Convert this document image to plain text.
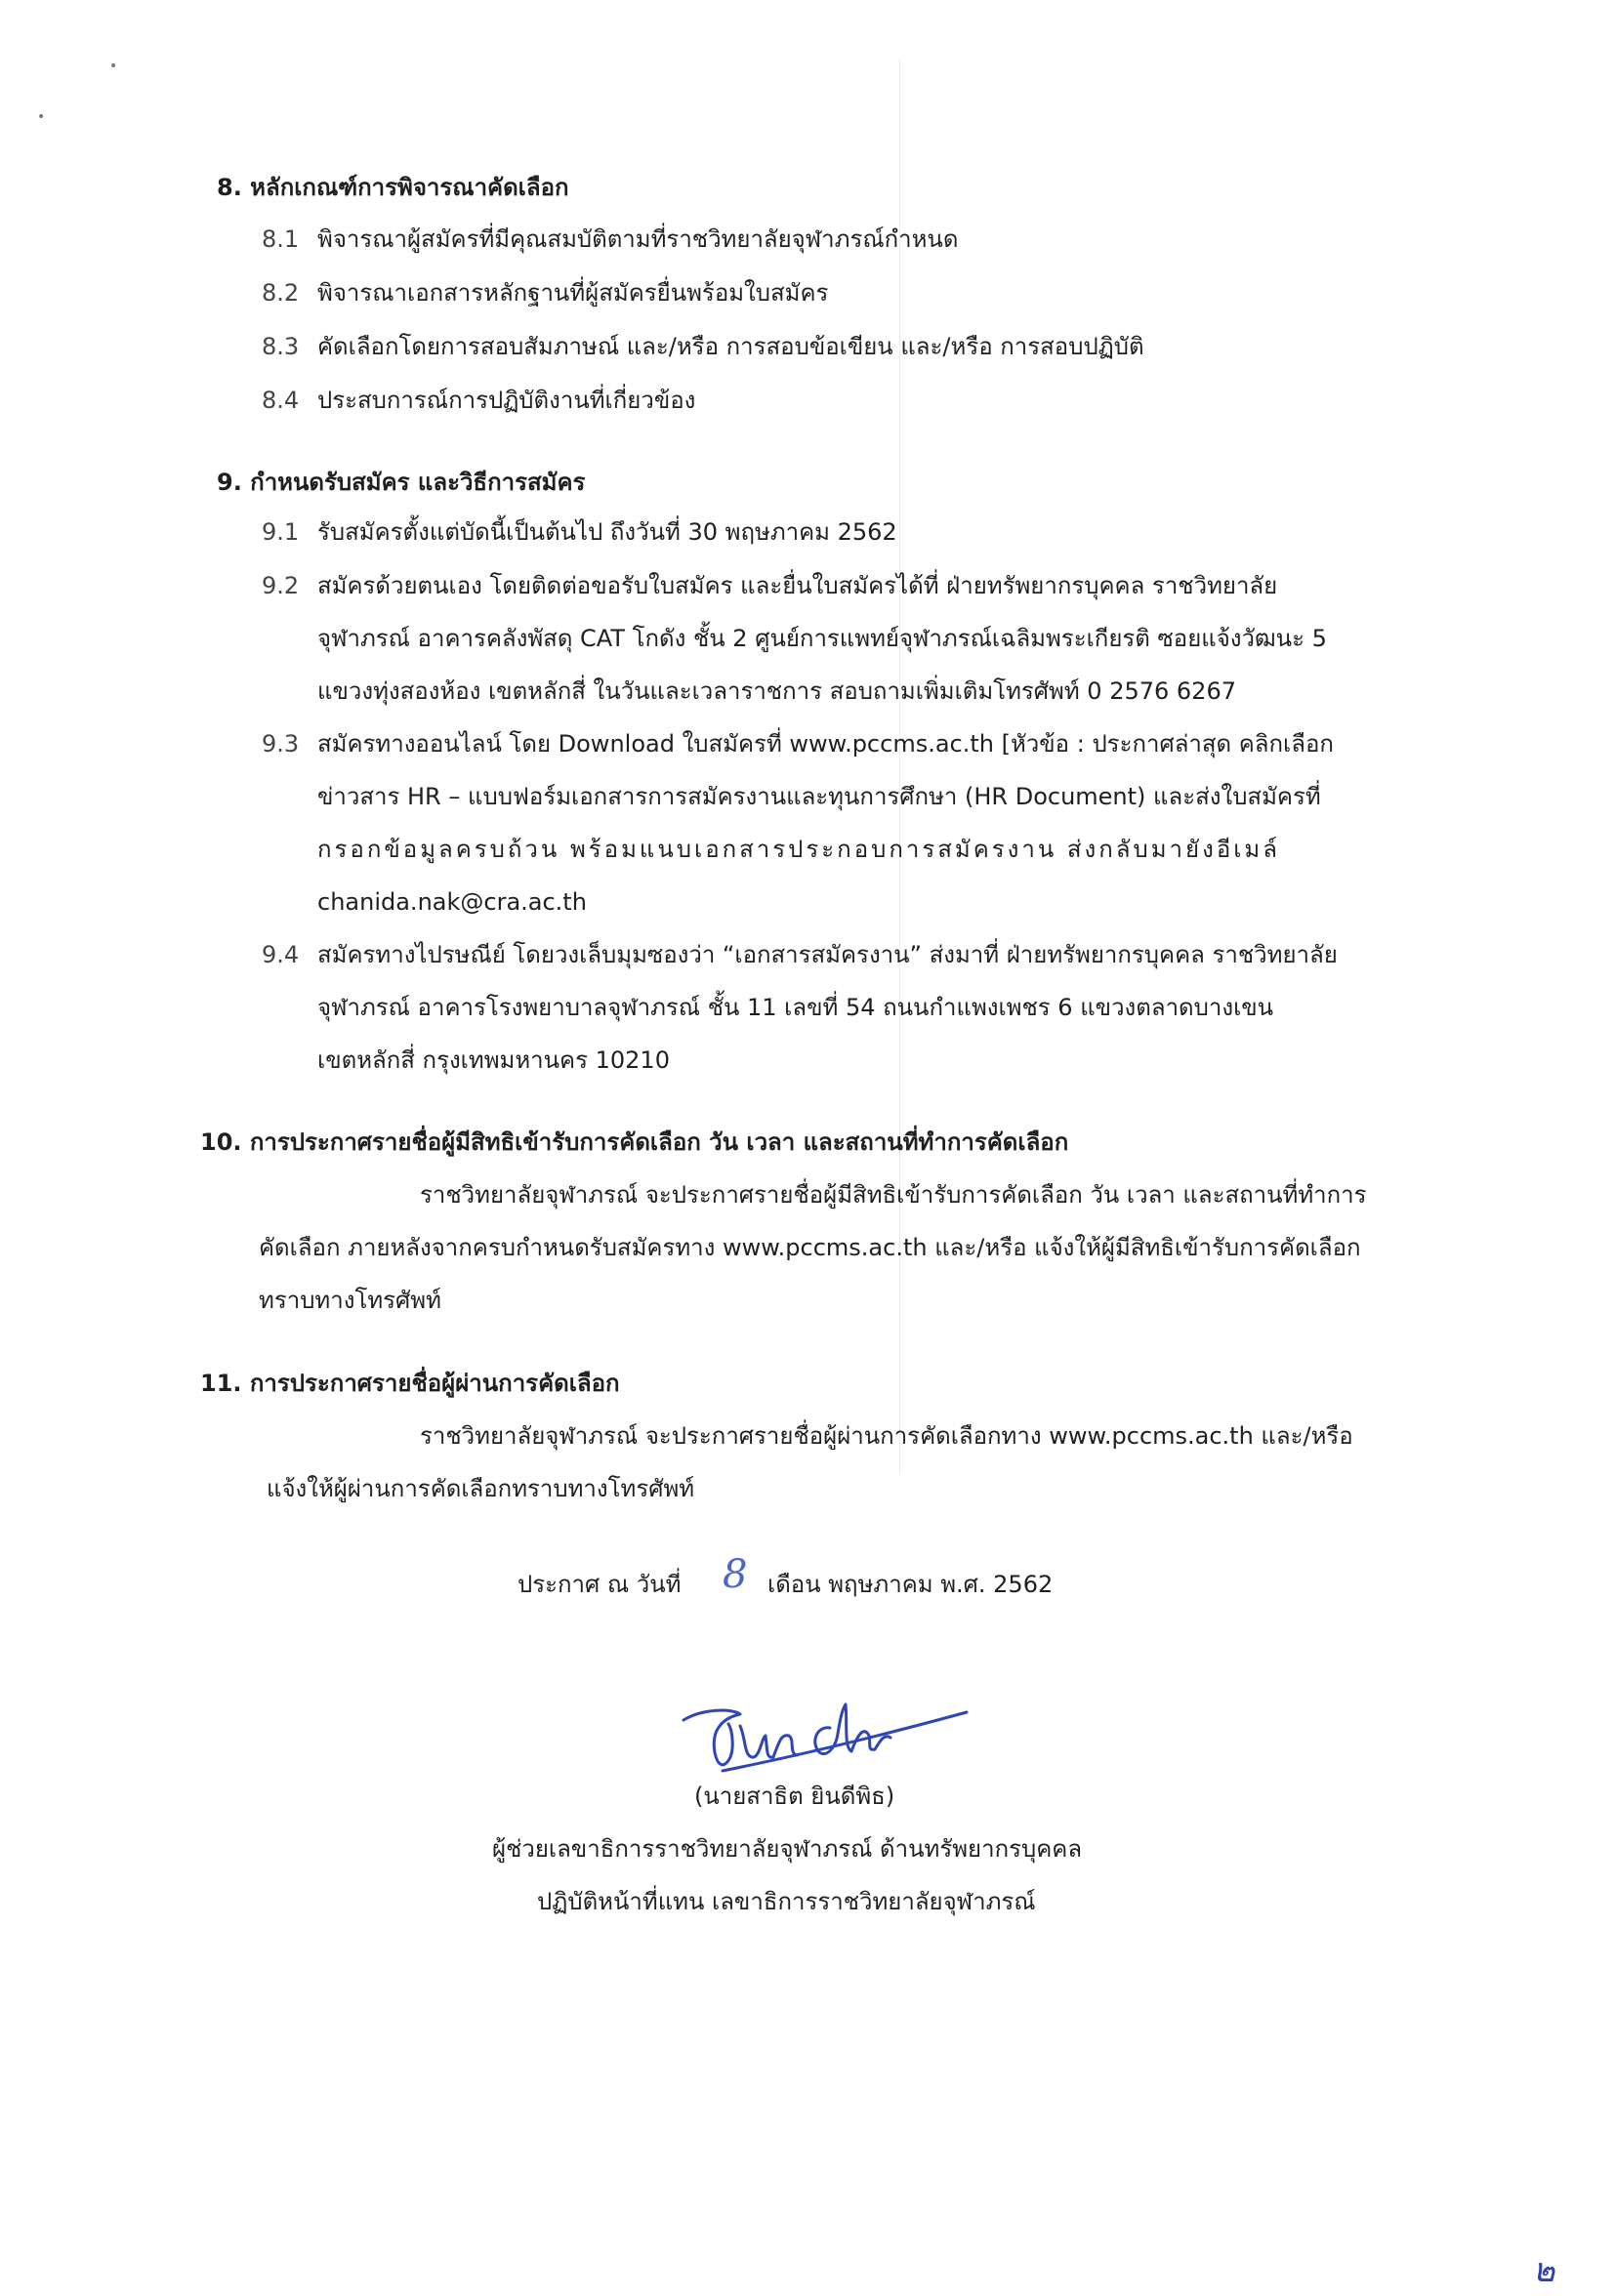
•
•
8. หลักเกณฑ์การพิจารณาคัดเลือก
8.1 พิจารณาผู้สมัครที่มีคุณสมบัติตามที่ราชวิทยาลัยจุฬาภรณ์กำหนด
8.2 พิจารณาเอกสารหลักฐานที่ผู้สมัครยื่นพร้อมใบสมัคร
8.3 คัดเลือกโดยการสอบสัมภาษณ์ และ/หรือ การสอบข้อเขียน และ/หรือ การสอบปฏิบัติ
8.4 ประสบการณ์การปฏิบัติงานที่เกี่ยวข้อง
9. กำหนดรับสมัคร และวิธีการสมัคร
9.1 รับสมัครตั้งแต่บัดนี้เป็นต้นไป ถึงวันที่ 30 พฤษภาคม 2562
9.2 สมัครด้วยตนเอง โดยติดต่อขอรับใบสมัคร และยื่นใบสมัครได้ที่ ฝ่ายทรัพยากรบุคคล ราชวิทยาลัย
จุฬาภรณ์ อาคารคลังพัสดุ CAT โกดัง ชั้น 2 ศูนย์การแพทย์จุฬาภรณ์เฉลิมพระเกียรติ ซอยแจ้งวัฒนะ 5
แขวงทุ่งสองห้อง เขตหลักสี่ ในวันและเวลาราชการ สอบถามเพิ่มเติมโทรศัพท์ 0 2576 6267
9.3 สมัครทางออนไลน์ โดย Download ใบสมัครที่ www.pccms.ac.th [หัวข้อ : ประกาศล่าสุด คลิกเลือก
ข่าวสาร HR – แบบฟอร์มเอกสารการสมัครงานและทุนการศึกษา (HR Document) และส่งใบสมัครที่
กรอกข้อมูลครบถ้วน พร้อมแนบเอกสารประกอบการสมัครงาน ส่งกลับมายังอีเมล์
chanida.nak@cra.ac.th
9.4 สมัครทางไปรษณีย์ โดยวงเล็บมุมซองว่า “เอกสารสมัครงาน” ส่งมาที่ ฝ่ายทรัพยากรบุคคล ราชวิทยาลัย
จุฬาภรณ์ อาคารโรงพยาบาลจุฬาภรณ์ ชั้น 11 เลขที่ 54 ถนนกำแพงเพชร 6 แขวงตลาดบางเขน
เขตหลักสี่ กรุงเทพมหานคร 10210
10. การประกาศรายชื่อผู้มีสิทธิเข้ารับการคัดเลือก วัน เวลา และสถานที่ทำการคัดเลือก
ราชวิทยาลัยจุฬาภรณ์ จะประกาศรายชื่อผู้มีสิทธิเข้ารับการคัดเลือก วัน เวลา และสถานที่ทำการ
คัดเลือก ภายหลังจากครบกำหนดรับสมัครทาง www.pccms.ac.th และ/หรือ แจ้งให้ผู้มีสิทธิเข้ารับการคัดเลือก
ทราบทางโทรศัพท์
11. การประกาศรายชื่อผู้ผ่านการคัดเลือก
ราชวิทยาลัยจุฬาภรณ์ จะประกาศรายชื่อผู้ผ่านการคัดเลือกทาง www.pccms.ac.th และ/หรือ
แจ้งให้ผู้ผ่านการคัดเลือกทราบทางโทรศัพท์
ประกาศ ณ วันที่ 8 เดือน พฤษภาคม พ.ศ. 2562
(นายสาธิต ยินดีพิธ)
ผู้ช่วยเลขาธิการราชวิทยาลัยจุฬาภรณ์ ด้านทรัพยากรบุคคล
ปฏิบัติหน้าที่แทน เลขาธิการราชวิทยาลัยจุฬาภรณ์
๒
